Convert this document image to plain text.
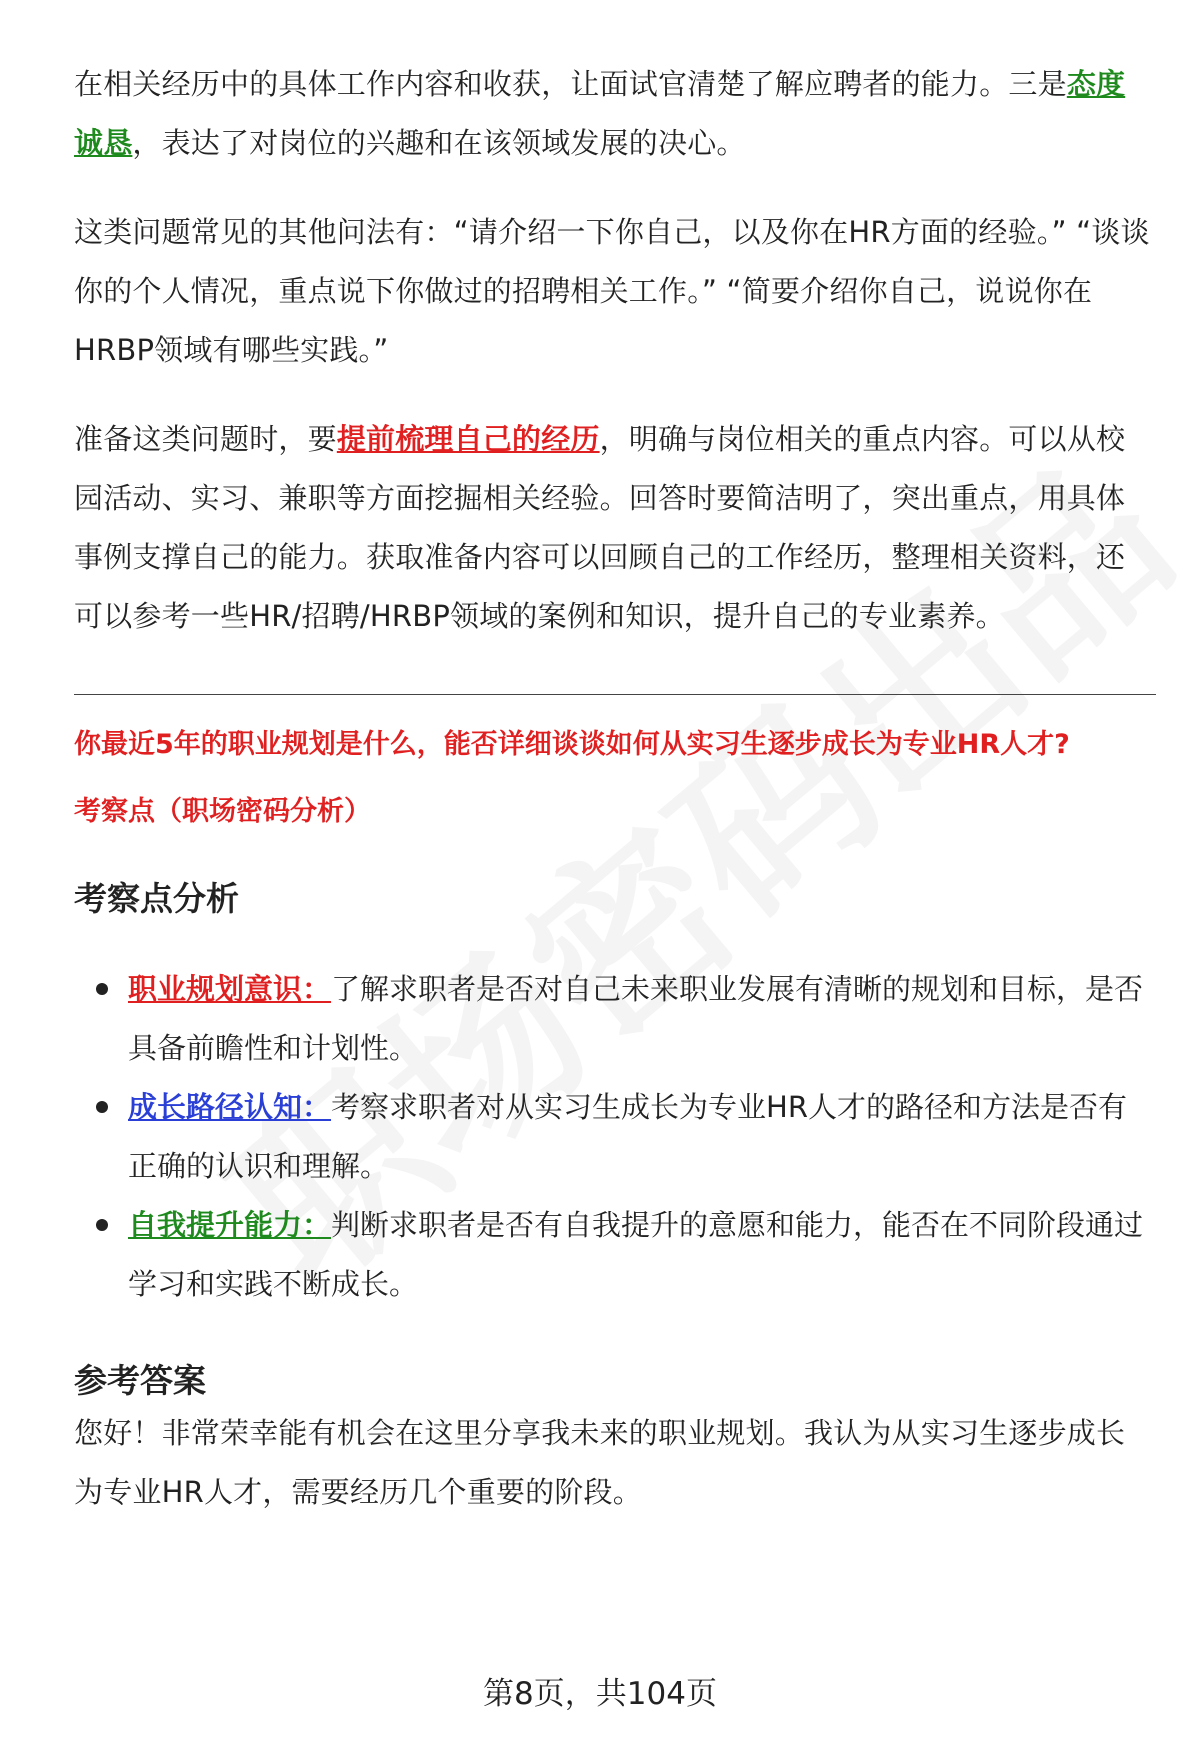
在相关经历中的具体工作内容和收获，让面试官清楚了解应聘者的能力。三是态度诚恳，表达了对岗位的兴趣和在该领域发展的决心。

这类问题常见的其他问法有：“请介绍一下你自己，以及你在HR方面的经验。” “谈谈你的个人情况，重点说下你做过的招聘相关工作。” “简要介绍你自己，说说你在HRBP领域有哪些实践。”

准备这类问题时，要提前梳理自己的经历，明确与岗位相关的重点内容。可以从校园活动、实习、兼职等方面挖掘相关经验。回答时要简洁明了，突出重点，用具体事例支撑自己的能力。获取准备内容可以回顾自己的工作经历，整理相关资料，还可以参考一些HR/招聘/HRBP领域的案例和知识，提升自己的专业素养。

你最近5年的职业规划是什么，能否详细谈谈如何从实习生逐步成长为专业HR人才?
考察点（职场密码分析）
考察点分析
职业规划意识：了解求职者是否对自己未来职业发展有清晰的规划和目标，是否具备前瞻性和计划性。
成长路径认知：考察求职者对从实习生成长为专业HR人才的路径和方法是否有正确的认识和理解。
自我提升能力：判断求职者是否有自我提升的意愿和能力，能否在不同阶段通过学习和实践不断成长。
参考答案

您好！非常荣幸能有机会在这里分享我未来的职业规划。我认为从实习生逐步成长为专业HR人才，需要经历几个重要的阶段。

第8页，共104页
